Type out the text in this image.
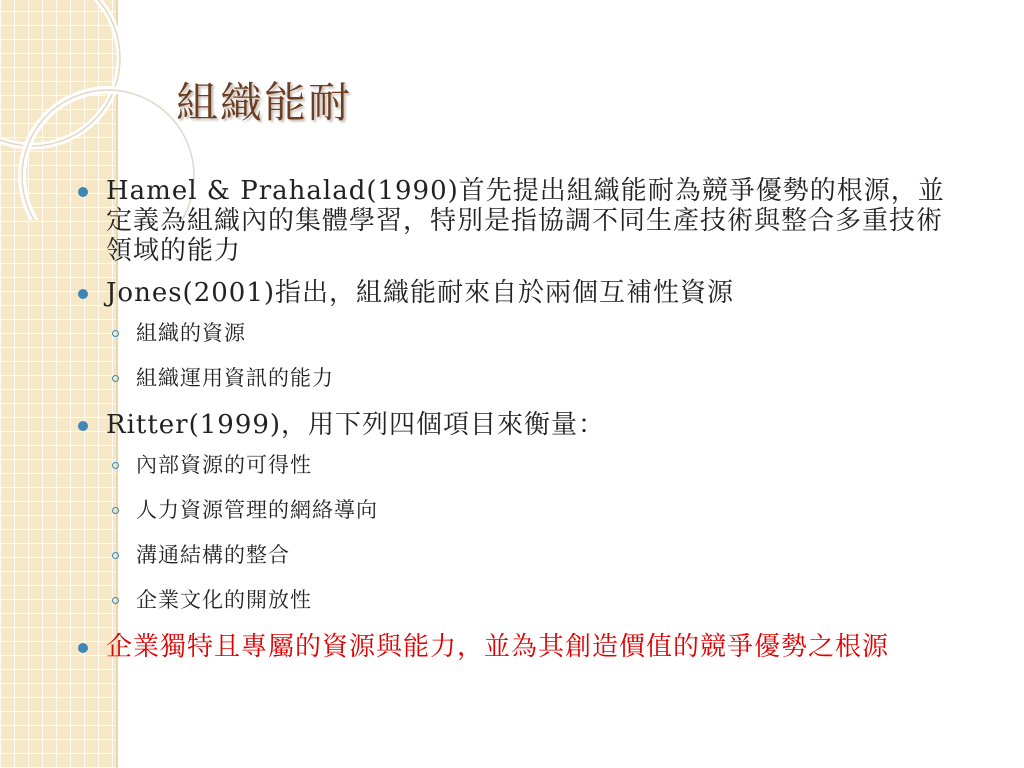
組織能耐
Hamel & Prahalad(1990)首先提出組織能耐為競爭優勢的根源，並定義為組織內的集體學習，特別是指協調不同生產技術與整合多重技術領域的能力
Jones(2001)指出，組織能耐來自於兩個互補性資源
組織的資源
組織運用資訊的能力
Ritter(1999)，用下列四個項目來衡量：
內部資源的可得性
人力資源管理的網絡導向
溝通結構的整合
企業文化的開放性
企業獨特且專屬的資源與能力，並為其創造價值的競爭優勢之根源
